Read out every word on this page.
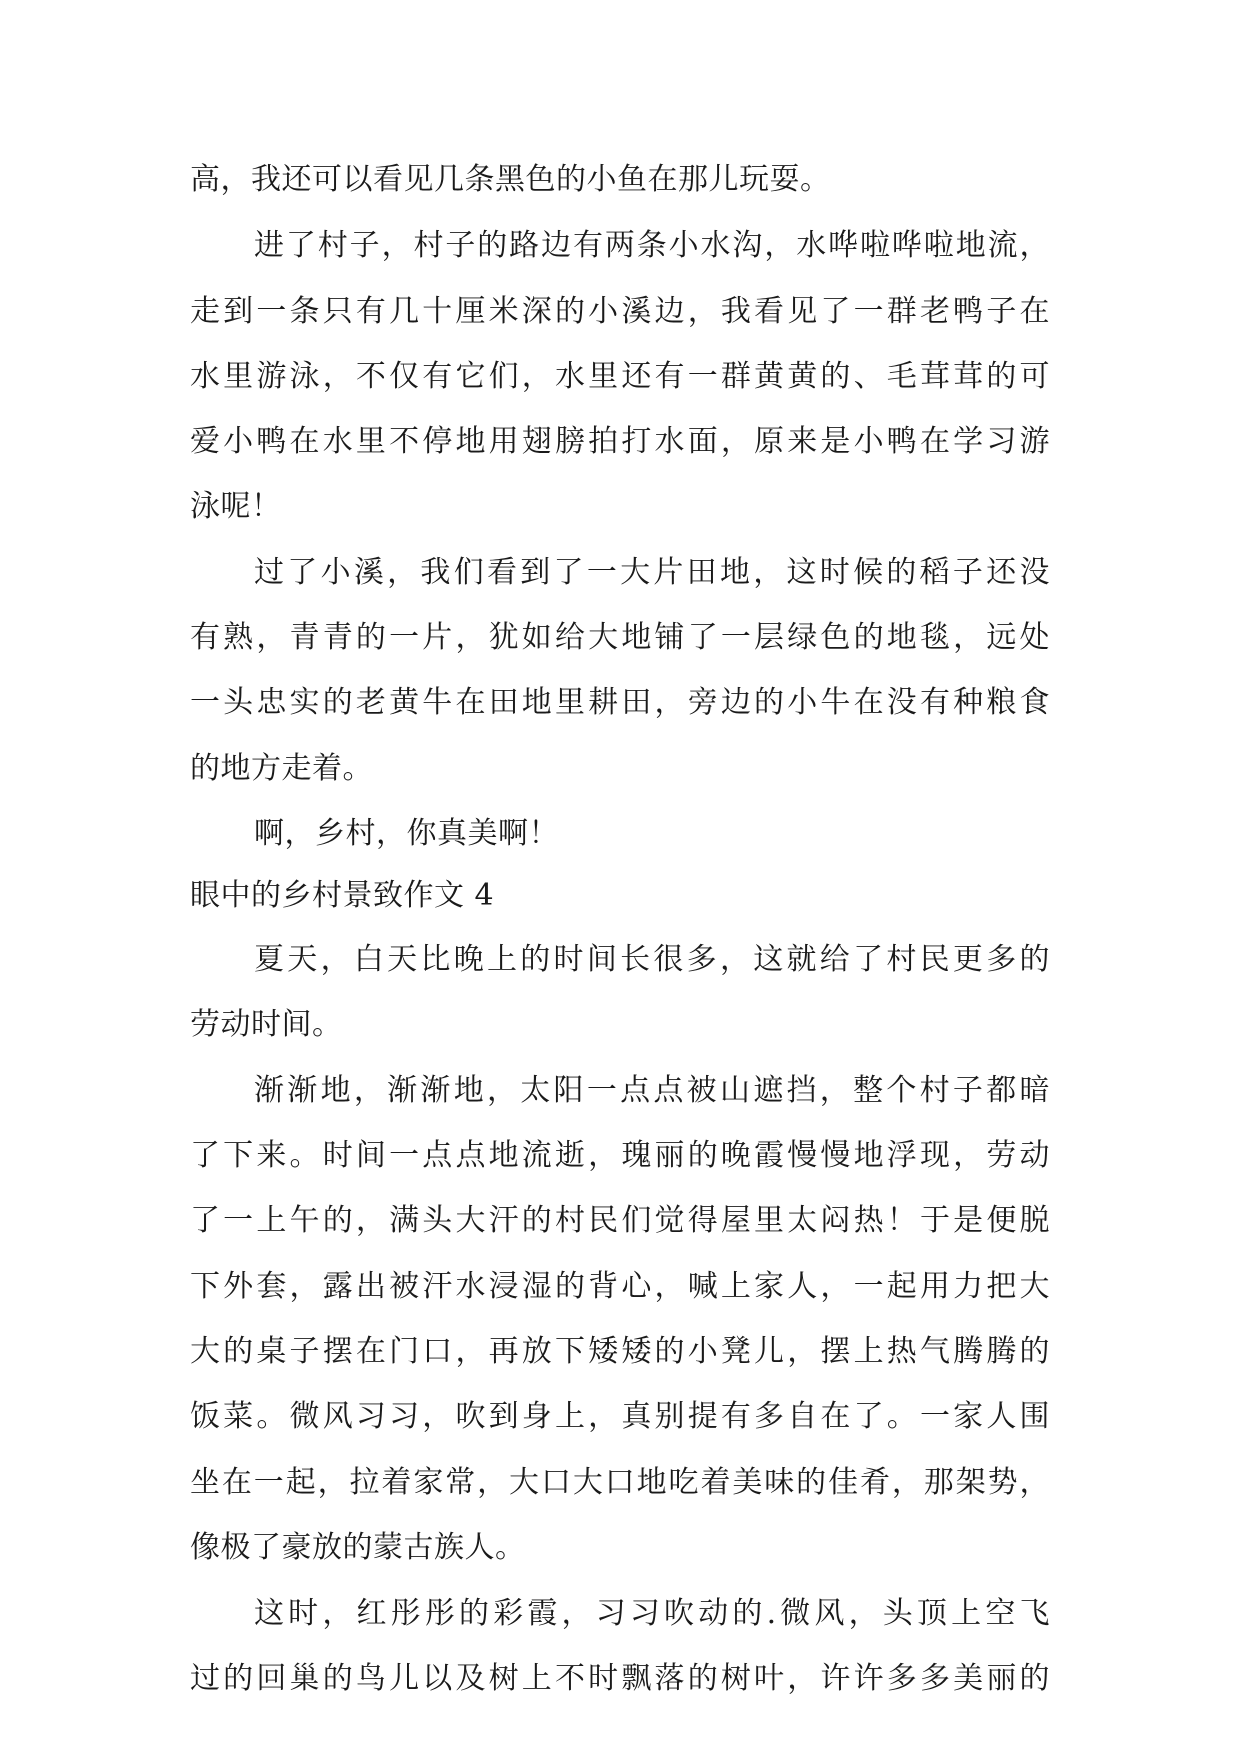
高，我还可以看见几条黑色的小鱼在那儿玩耍。
进了村子，村子的路边有两条小水沟，水哗啦哗啦地流，
走到一条只有几十厘米深的小溪边，我看见了一群老鸭子在
水里游泳，不仅有它们，水里还有一群黄黄的、毛茸茸的可
爱小鸭在水里不停地用翅膀拍打水面，原来是小鸭在学习游
泳呢！
过了小溪，我们看到了一大片田地，这时候的稻子还没
有熟，青青的一片，犹如给大地铺了一层绿色的地毯，远处
一头忠实的老黄牛在田地里耕田，旁边的小牛在没有种粮食
的地方走着。
啊，乡村，你真美啊！
眼中的乡村景致作文 4
夏天，白天比晚上的时间长很多，这就给了村民更多的
劳动时间。
渐渐地，渐渐地，太阳一点点被山遮挡，整个村子都暗
了下来。时间一点点地流逝，瑰丽的晚霞慢慢地浮现，劳动
了一上午的，满头大汗的村民们觉得屋里太闷热！于是便脱
下外套，露出被汗水浸湿的背心，喊上家人，一起用力把大
大的桌子摆在门口，再放下矮矮的小凳儿，摆上热气腾腾的
饭菜。微风习习，吹到身上，真别提有多自在了。一家人围
坐在一起，拉着家常，大口大口地吃着美味的佳肴，那架势，
像极了豪放的蒙古族人。
这时，红彤彤的彩霞，习习吹动的.微风，头顶上空飞
过的回巢的鸟儿以及树上不时飘落的树叶，许许多多美丽的
